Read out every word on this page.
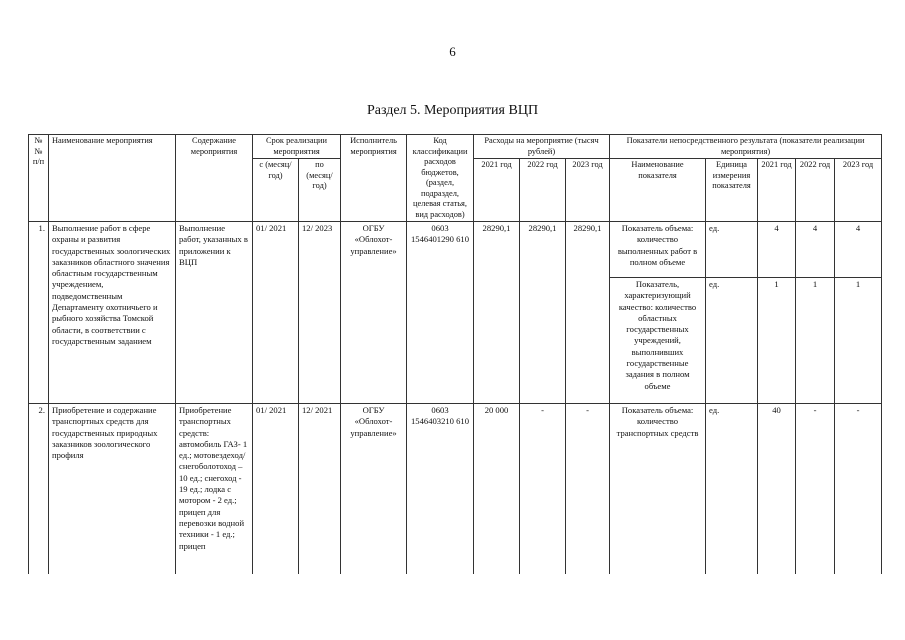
6
Раздел 5. Мероприятия ВЦП
№№ п/п	Наименование мероприятия	Содержание мероприятия	Срок реализации мероприятия		Исполнитель мероприятия	Код классификации расходов бюджетов, (раздел, подраздел, целевая статья, вид расходов)	Расходы на мероприятие (тысяч рублей)			Показатели непосредственного результата (показатели реализации мероприятия)				
			с (месяц/ год)	по (месяц/ год)			2021 год	2022 год	2023 год	Наименование показателя	Единица измерения показателя	2021 год	2022 год	2023 год

1.	Выполнение работ в сфере охраны и развития государственных зоологических заказников областного значения областным государственным учреждением, подведомственным Департаменту охотничьего и рыбного хозяйства Томской области, в соответствии с государственным заданием	Выполнение работ, указанных в приложении к ВЦП	01/ 2021	12/ 2023	ОГБУ «Облохот-управление»	0603 1546401290 610	28290,1	28290,1	28290,1	Показатель объема: количество выполненных работ в полном объеме	ед.	4	4	4
										Показатель, характеризующий качество: количество областных государственных учреждений, выполнивших государственные задания в полном объеме	ед.	1	1	1
2.	Приобретение и содержание транспортных средств для государственных природных заказников зоологического профиля	Приобретение транспортных средств: автомобиль ГАЗ- 1 ед.; мотовездеход/снегоболотоход – 10 ед.; снегоход - 19 ед.; лодка с мотором - 2 ед.; прицеп для перевозки водной техники - 1 ед.; прицеп	01/ 2021	12/ 2021	ОГБУ «Облохот-управление»	0603 1546403210 610	20 000	-	-	Показатель объема: количество транспортных средств	ед.	40	-	-
